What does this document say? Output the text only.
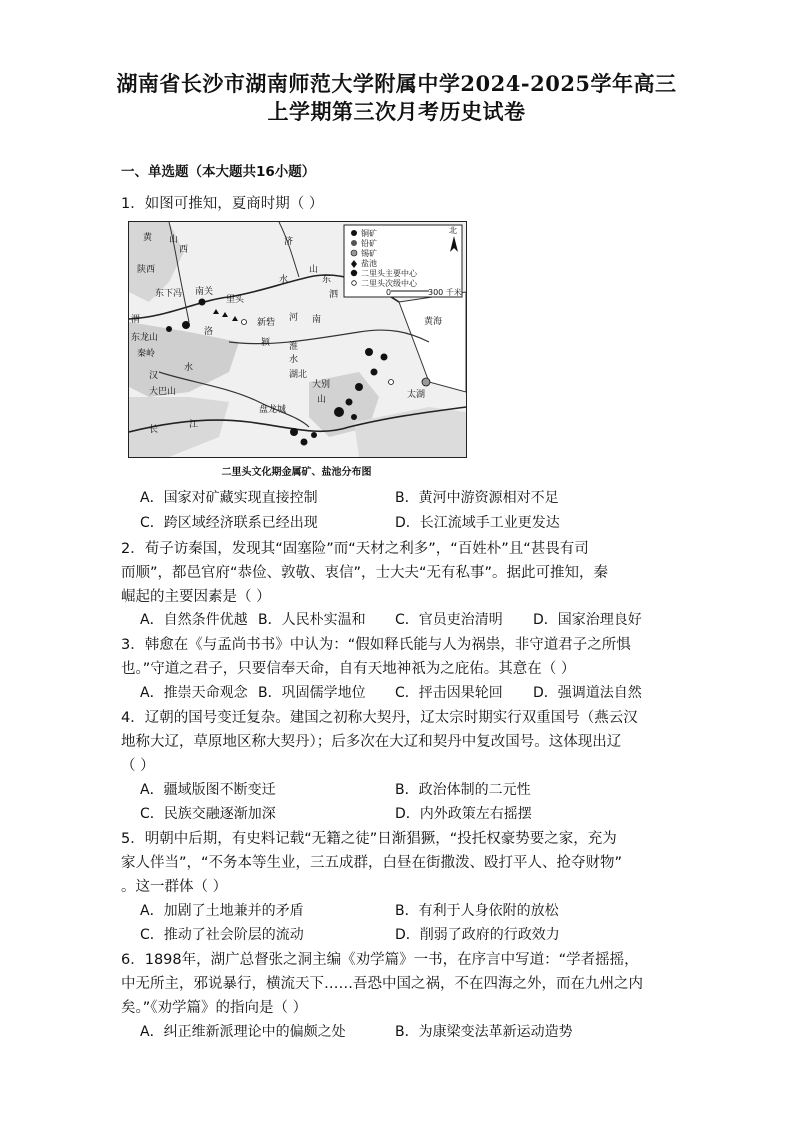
湖南省长沙市湖南师范大学附属中学2024-2025学年高三
上学期第三次月考历史试卷
一、单选题（本大题共16小题）
1．如图可推知，夏商时期（ ）
铜矿
铅矿
锡矿
盐池
二里头主要中心
二里头次级中心
0	300 千米
北
黄 山
西
陕西
东下冯 南关
里头
新砦 河 南
济
山
东
水
泗
渭
洛
东龙山
秦岭
汉
水
淮
水
颍
黄海
湖北
大别
山	太湖
大巴山
盘龙城
长	江
二里头文化期金属矿、盐池分布图
A．国家对矿藏实现直接控制	B．黄河中游资源相对不足
C．跨区域经济联系已经出现	D．长江流域手工业更发达
2．荀子访秦国，发现其“固塞险”而“天材之利多”，“百姓朴”且“甚畏有司
而顺”，都邑官府“恭俭、敦敬、衷信”，士大夫“无有私事”。据此可推知，秦
崛起的主要因素是（ ）
A．自然条件优越 B．人民朴实温和 C．官员吏治清明 D．国家治理良好
3．韩愈在《与孟尚书书》中认为：“假如释氏能与人为祸祟，非守道君子之所惧
也。”守道之君子，只要信奉天命，自有天地神祇为之庇佑。其意在（ ）
A．推崇天命观念 B．巩固儒学地位 C．抨击因果轮回 D．强调道法自然
4．辽朝的国号变迁复杂。建国之初称大契丹，辽太宗时期实行双重国号（燕云汉
地称大辽，草原地区称大契丹）；后多次在大辽和契丹中复改国号。这体现出辽
（ ）
A．疆域版图不断变迁	B．政治体制的二元性
C．民族交融逐渐加深	D．内外政策左右摇摆
5．明朝中后期，有史料记载“无籍之徒”日渐猖獗，“投托权豪势要之家，充为
家人伴当”，“不务本等生业，三五成群，白昼在街撒泼、殴打平人、抢夺财物”
。这一群体（ ）
A．加剧了土地兼并的矛盾	B．有利于人身依附的放松
C．推动了社会阶层的流动	D．削弱了政府的行政效力
6．1898年，湖广总督张之洞主编《劝学篇》一书，在序言中写道：“学者摇摇，
中无所主，邪说暴行，横流天下……吾恐中国之祸，不在四海之外，而在九州之内
矣。”《劝学篇》的指向是（ ）
A．纠正维新派理论中的偏颇之处	B．为康梁变法革新运动造势
